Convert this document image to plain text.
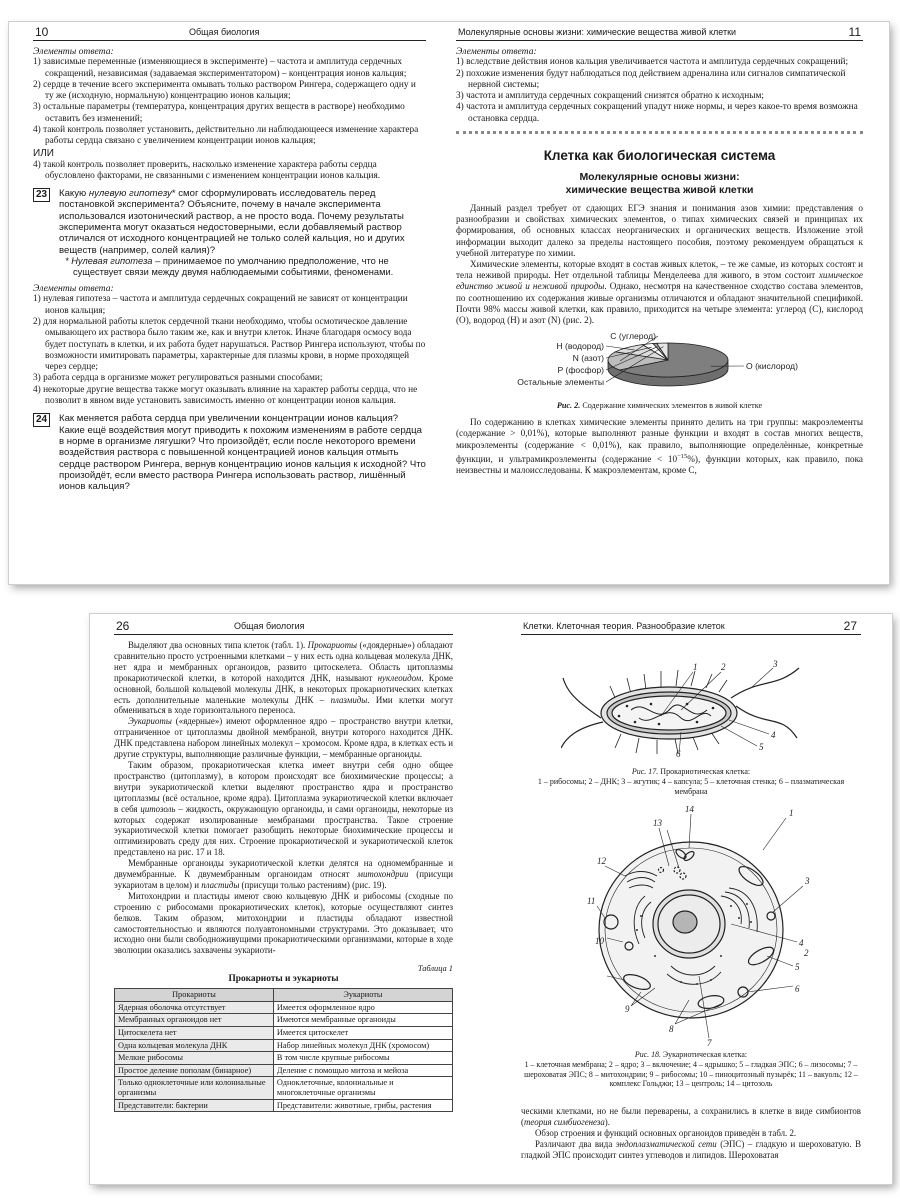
10	Общая биология

Элементы ответа:

1) зависимые переменные (изменяющиеся в эксперименте) – частота и амплитуда сердечных сокращений, независимая (задаваемая экспериментатором) – концентрация ионов кальция;

2) сердце в течение всего эксперимента омывать только раствором Рингера, содержащего одну и ту же (исходную, нормальную) концентрацию ионов кальция;

3) остальные параметры (температура, концентрация других веществ в растворе) необходимо оставить без изменений;

4) такой контроль позволяет установить, действительно ли наблюдающееся изменение характера работы сердца связано с увеличением концентрации ионов кальция;

ИЛИ

4) такой контроль позволяет проверить, насколько изменение характера работы сердца обусловлено факторами, не связанными с изменением концентрации ионов кальция.

23	Какую нулевую гипотезу* смог сформулировать исследователь перед постановкой эксперимента? Объясните, почему в начале эксперимента использовался изотонический раствор, а не просто вода. Почему результаты эксперимента могут оказаться недостоверными, если добавляемый раствор отличался от исходного концентрацией не только солей кальция, но и других веществ (например, солей калия)?

* Нулевая гипотеза – принимаемое по умолчанию предположение, что не существует связи между двумя наблюдаемыми событиями, феноменами.

Элементы ответа:

1) нулевая гипотеза – частота и амплитуда сердечных сокращений не зависят от концентрации ионов кальция;

2) для нормальной работы клеток сердечной ткани необходимо, чтобы осмотическое давление омывающего их раствора было таким же, как и внутри клеток. Иначе благодаря осмосу вода будет поступать в клетки, и их работа будет нарушаться. Раствор Рингера используют, чтобы по возможности имитировать параметры, характерные для плазмы крови, в норме проходящей через сердце;

3) работа сердца в организме может регулироваться разными способами;

4) некоторые другие вещества также могут оказывать влияние на характер работы сердца, что не позволит в явном виде установить зависимость именно от концентрации ионов кальция.

24	Как меняется работа сердца при увеличении концентрации ионов кальция? Какие ещё воздействия могут приводить к похожим изменениям в работе сердца в норме в организме лягушки? Что произойдёт, если после некоторого времени воздействия раствора с повышенной концентрацией ионов кальция отмыть сердце раствором Рингера, вернув концентрацию ионов кальция к исходной? Что произойдёт, если вместо раствора Рингера использовать раствор, лишённый ионов кальция?

Молекулярные основы жизни: химические вещества живой клетки	11

Элементы ответа:

1) вследствие действия ионов кальция увеличивается частота и амплитуда сердечных сокращений;

2) похожие изменения будут наблюдаться под действием адреналина или сигналов симпатической нервной системы;

3) частота и амплитуда сердечных сокращений снизятся обратно к исходным;

4) частота и амплитуда сердечных сокращений упадут ниже нормы, и через какое-то время возможна остановка сердца.

Клетка как биологическая система

Молекулярные основы жизни:

химические вещества живой клетки

Данный раздел требует от сдающих ЕГЭ знания и понимания азов химии: представления о разнообразии и свойствах химических элементов, о типах химических связей и принципах их формирования, об основных классах неорганических и органических веществ. Изложение этой информации выходит далеко за пределы настоящего пособия, поэтому рекомендуем обращаться к учебной литературе по химии.

Химические элементы, которые входят в состав живых клеток, – те же самые, из которых состоят и тела неживой природы. Нет отдельной таблицы Менделеева для живого, в этом состоит химическое единство живой и неживой природы. Однако, несмотря на качественное сходство состава элементов, по соотношению их содержания живые организмы отличаются и обладают значительной спецификой. Почти 98% массы живой клетки, как правило, приходится на четыре элемента: углерод (C), кислород (O), водород (H) и азот (N) (рис. 2).

C (углерод)
O (кислород)
H (водород)
N (азот)
P (фосфор)
Остальные элементы

Рис. 2. Содержание химических элементов в живой клетке

По содержанию в клетках химические элементы принято делить на три группы: макроэлементы (содержание > 0,01%), которые выполняют разные функции и входят в состав многих веществ, микроэлементы (содержание < 0,01%), как правило, выполняющие определённые, конкретные функции, и ультрамикроэлементы (содержание < $10^{-15}\%$), функции которых, как правило, пока неизвестны и малоисследованы. К макроэлементам, кроме C,

26	Общая биология

Выделяют два основных типа клеток (табл. 1). Прокариоты («доядерные») обладают сравнительно просто устроенными клетками – у них есть одна кольцевая молекула ДНК, нет ядра и мембранных органоидов, развито цитоскелета. Область цитоплазмы прокариотической клетки, в которой находится ДНК, называют нуклеоидом. Кроме основной, большой кольцевой молекулы ДНК, в некоторых прокариотических клетках есть дополнительные маленькие молекулы ДНК – плазмиды. Ими клетки могут обмениваться в ходе горизонтального переноса.

Эукариоты («ядерные») имеют оформленное ядро – пространство внутри клетки, отграниченное от цитоплазмы двойной мембраной, внутри которого находится ДНК. ДНК представлена набором линейных молекул – хромосом. Кроме ядра, в клетках есть и другие структуры, выполняющие различные функции, – мембранные органоиды.

Таким образом, прокариотическая клетка имеет внутри себя одно общее пространство (цитоплазму), в котором происходят все биохимические процессы; а внутри эукариотической клетки выделяют пространство ядра и пространство цитоплазмы (всё остальное, кроме ядра). Цитоплазма эукариотической клетки включает в себя цитозоль – жидкость, окружающую органоиды, и сами органоиды, некоторые из которых содержат изолированные мембранами пространства. Такое строение эукариотической клетки помогает разобщить некоторые биохимические процессы и оптимизировать среду для них. Строение прокариотической и эукариотической клеток представлено на рис. 17 и 18.

Мембранные органоиды эукариотической клетки делятся на одномембранные и двумембранные. К двумембранным органоидам относят митохондрии (присущи эукариотам в целом) и пластиды (присущи только растениям) (рис. 19).

Митохондрии и пластиды имеют свою кольцевую ДНК и рибосомы (сходные по строению с рибосомами прокариотических клеток), которые осуществляют синтез белков. Таким образом, митохондрии и пластиды обладают известной самостоятельностью и являются полуавтономными структурами. Это доказывает, что исходно они были свободноживущими прокариотическими организмами, которые в ходе эволюции оказались захвачены эукариоти-

Таблица 1

Прокариоты и эукариоты

Прокариоты	Эукариоты
Ядерная оболочка отсутствует	Имеется оформленное ядро
Мембранных органоидов нет	Имеются мембранные органоиды
Цитоскелета нет	Имеется цитоскелет
Одна кольцевая молекула ДНК	Набор линейных молекул ДНК (хромосом)
Мелкие рибосомы	В том числе крупные рибосомы
Простое деление пополам (бинарное)	Деление с помощью митоза и мейоза
Только одноклеточные или колониальные организмы	Одноклеточные, колониальные и многоклеточные организмы
Представители: бактерии	Представители: животные, грибы, растения
Клетки. Клеточная теория. Разнообразие клеток	27
1	2	3
4
5
6

Рис. 17. Прокариотическая клетка:
1 – рибосомы; 2 – ДНК; 3 – жгутик; 4 – капсула; 5 – клеточная стенка; 6 – плазматическая мембрана

1
2
3
4
5
6
7
8
9
10
11
12
13
14

Рис. 18. Эукариотическая клетка:
1 – клеточная мембрана; 2 – ядро; 3 – включение; 4 – ядрышко; 5 – гладкая ЭПС; 6 – лизосомы; 7 – шероховатая ЭПС; 8 – митохондрии; 9 – рибосомы; 10 – пиноцитозный пузырёк; 11 – вакуоль; 12 – комплекс Гольджи; 13 – центроль; 14 – цитозоль

ческими клетками, но не были переварены, а сохранились в клетке в виде симбионтов (теория симбиогенеза).

Обзор строения и функций основных органоидов приведён в табл. 2.

Различают два вида эндоплазматической сети (ЭПС) – гладкую и шероховатую. В гладкой ЭПС происходит синтез углеводов и липидов. Шероховатая
